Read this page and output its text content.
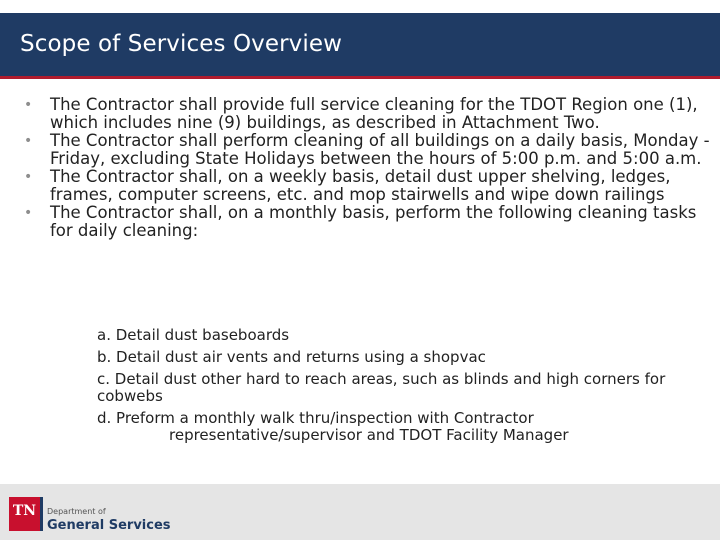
Scope of Services Overview
• The Contractor shall provide full service cleaning for the TDOT Region one (1), which includes nine (9) buildings, as described in Attachment Two.
• The Contractor shall perform cleaning of all buildings on a daily basis, Monday - Friday, excluding State Holidays between the hours of 5:00 p.m. and 5:00 a.m.
• The Contractor shall, on a weekly basis, detail dust upper shelving, ledges, frames, computer screens, etc. and mop stairwells and wipe down railings
• The Contractor shall, on a monthly basis, perform the following cleaning tasks for daily cleaning:
a. Detail dust baseboards
b. Detail dust air vents and returns using a shopvac
c. Detail dust other hard to reach areas, such as blinds and high corners for cobwebs
d. Preform a monthly walk thru/inspection with Contractor
representative/supervisor and TDOT Facility Manager
TN	Department of
General Services
